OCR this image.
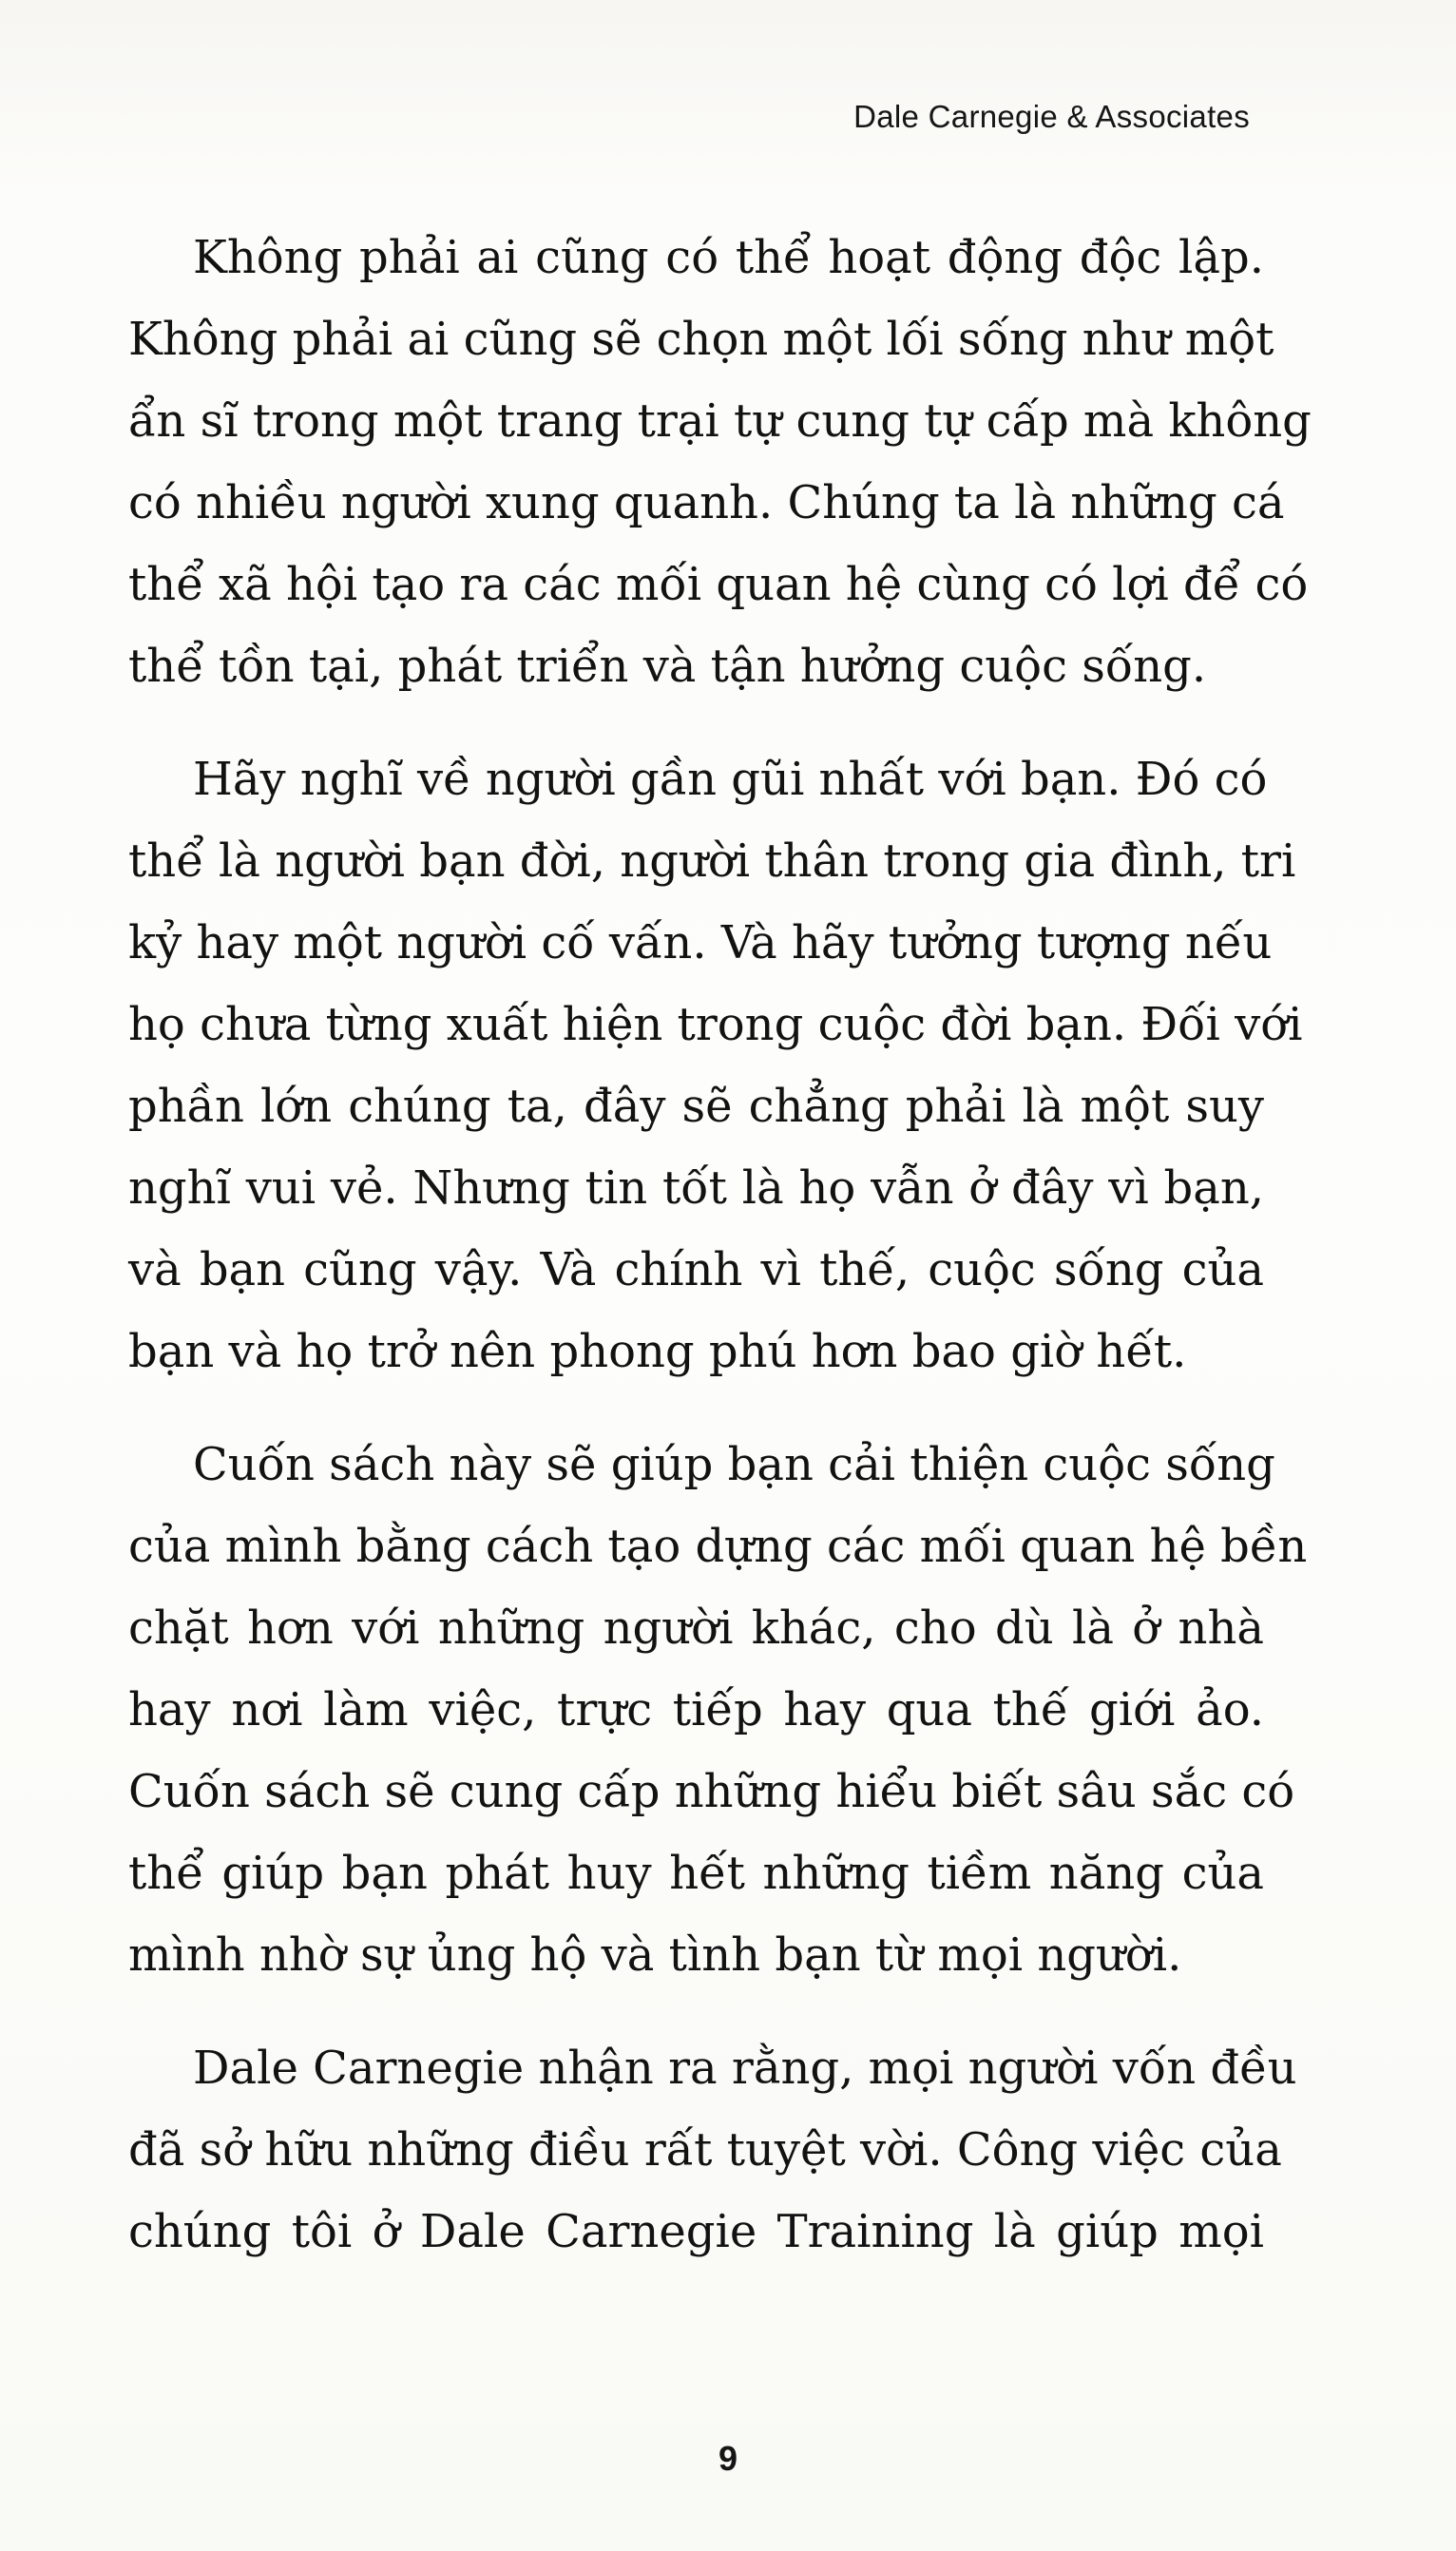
Dale Carnegie & Associates
Không phải ai cũng có thể hoạt động độc lập.
Không phải ai cũng sẽ chọn một lối sống như một
ẩn sĩ trong một trang trại tự cung tự cấp mà không
có nhiều người xung quanh. Chúng ta là những cá
thể xã hội tạo ra các mối quan hệ cùng có lợi để có
thể tồn tại, phát triển và tận hưởng cuộc sống.
Hãy nghĩ về người gần gũi nhất với bạn. Đó có
thể là người bạn đời, người thân trong gia đình, tri
kỷ hay một người cố vấn. Và hãy tưởng tượng nếu
họ chưa từng xuất hiện trong cuộc đời bạn. Đối với
phần lớn chúng ta, đây sẽ chẳng phải là một suy
nghĩ vui vẻ. Nhưng tin tốt là họ vẫn ở đây vì bạn,
và bạn cũng vậy. Và chính vì thế, cuộc sống của
bạn và họ trở nên phong phú hơn bao giờ hết.
Cuốn sách này sẽ giúp bạn cải thiện cuộc sống
của mình bằng cách tạo dựng các mối quan hệ bền
chặt hơn với những người khác, cho dù là ở nhà
hay nơi làm việc, trực tiếp hay qua thế giới ảo.
Cuốn sách sẽ cung cấp những hiểu biết sâu sắc có
thể giúp bạn phát huy hết những tiềm năng của
mình nhờ sự ủng hộ và tình bạn từ mọi người.
Dale Carnegie nhận ra rằng, mọi người vốn đều
đã sở hữu những điều rất tuyệt vời. Công việc của
chúng tôi ở Dale Carnegie Training là giúp mọi
9
